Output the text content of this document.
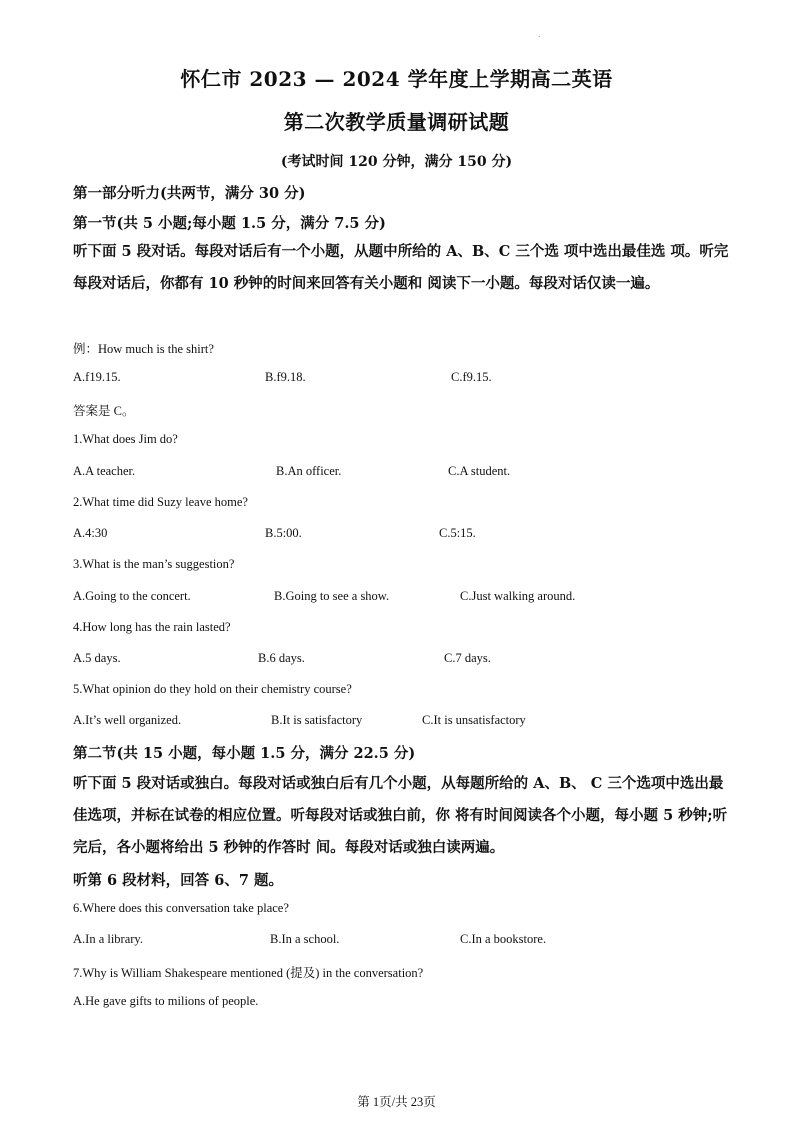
.
怀仁市 2023 — 2024 学年度上学期高二英语
第二次教学质量调研试题
(考试时间 120 分钟，满分 150 分)
第一部分听力(共两节，满分 30 分)
第一节(共 5 小题;每小题 1.5 分，满分 7.5 分)
听下面 5 段对话。每段对话后有一个小题，从题中所给的 A、B、C 三个选 项中选出最佳选 项。听完每段对话后，你都有 10 秒钟的时间来回答有关小题和 阅读下一小题。每段对话仅读一遍。
例：How much is the shirt?
A.f19.15.	B.f9.18.	C.f9.15.
答案是 C。
1.What does Jim do?
A.A teacher.	B.An officer.	C.A student.
2.What time did Suzy leave home?
A.4:30	B.5:00.	C.5:15.
3.What is the man’s suggestion?
A.Going to the concert.	B.Going to see a show.	C.Just walking around.
4.How long has the rain lasted?
A.5 days.	B.6 days.	C.7 days.
5.What opinion do they hold on their chemistry course?
A.It’s well organized.	B.It is satisfactory	C.It is unsatisfactory
第二节(共 15 小题，每小题 1.5 分，满分 22.5 分)
听下面 5 段对话或独白。每段对话或独白后有几个小题，从每题所给的 A、B、 C 三个选项中选出最佳选项，并标在试卷的相应位置。听每段对话或独白前，你 将有时间阅读各个小题，每小题 5 秒钟;听完后，各小题将给出 5 秒钟的作答时 间。每段对话或独白读两遍。
听第 6 段材料，回答 6、7 题。
6.Where does this conversation take place?
A.In a library.	B.In a school.	C.In a bookstore.
7.Why is William Shakespeare mentioned (提及) in the conversation?
A.He gave gifts to milions of people.
第 1页/共 23页
